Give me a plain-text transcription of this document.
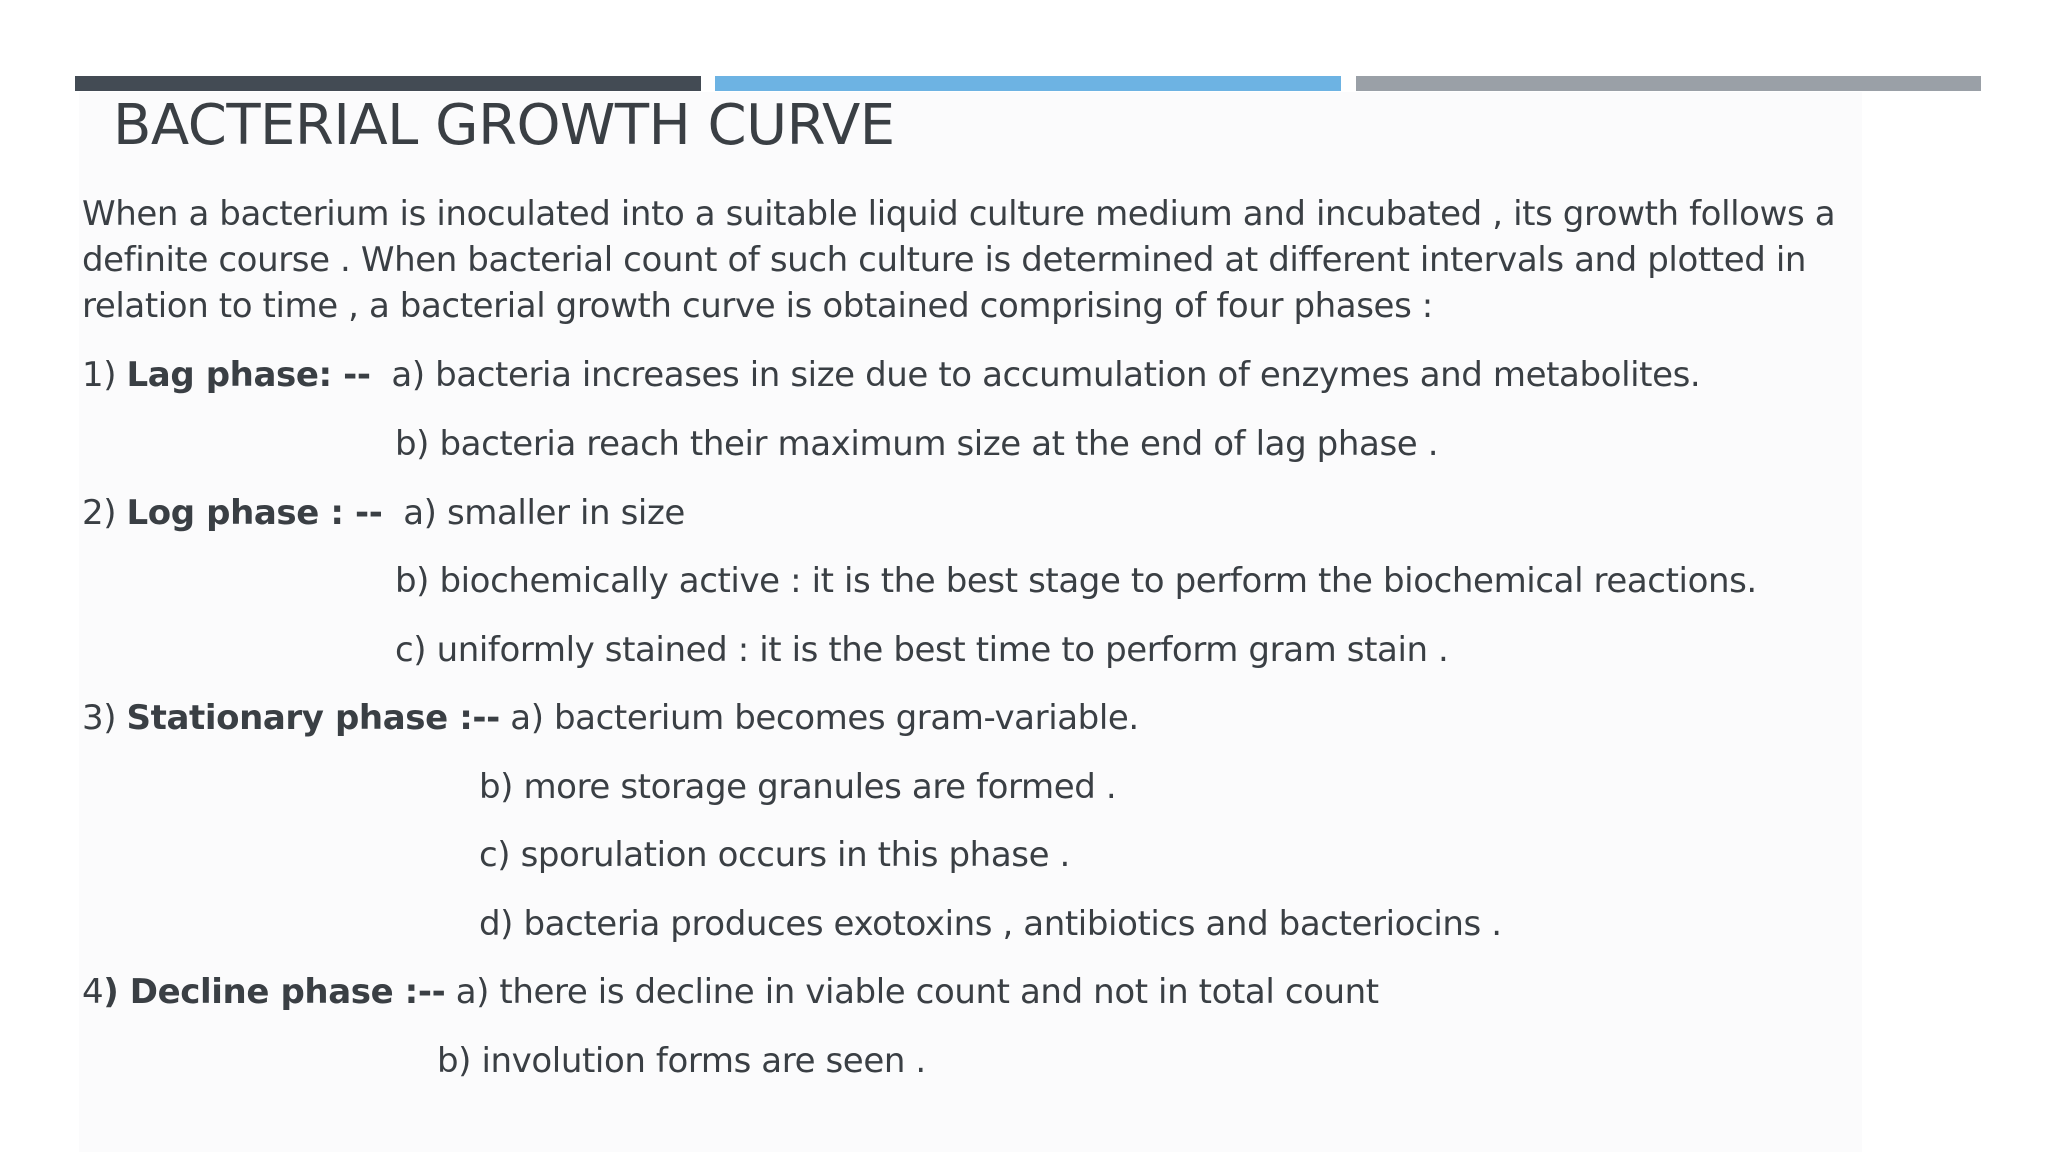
BACTERIAL GROWTH CURVE

When a bacterium is inoculated into a suitable liquid culture medium and incubated , its growth follows a definite course . When bacterial count of such culture is determined at different intervals and plotted in relation to time , a bacterial growth curve is obtained comprising of four phases :

1) Lag phase: -- a) bacteria increases in size due to accumulation of enzymes and metabolites.

b) bacteria reach their maximum size at the end of lag phase .

2) Log phase : -- a) smaller in size

b) biochemically active : it is the best stage to perform the biochemical reactions.

c) uniformly stained : it is the best time to perform gram stain .

3) Stationary phase :-- a) bacterium becomes gram-variable.

b) more storage granules are formed .

c) sporulation occurs in this phase .

d) bacteria produces exotoxins , antibiotics and bacteriocins .

4) Decline phase :-- a) there is decline in viable count and not in total count

b) involution forms are seen .
